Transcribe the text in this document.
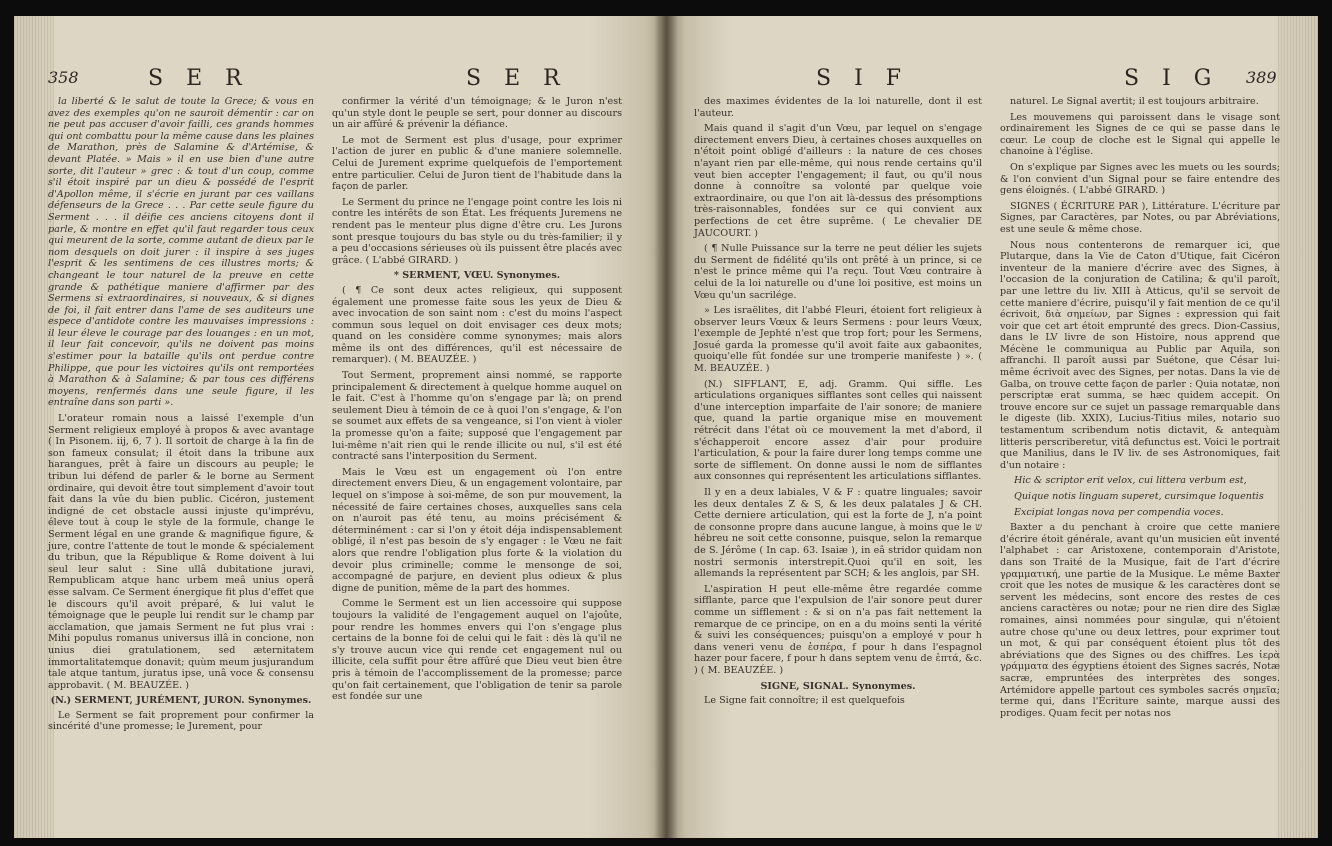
358	S E R	S E R

la liberté & le salut de toute la Grece; & vous en avez des exemples qu'on ne sauroit démentir : car on ne peut pas accuser d'avoir failli, ces grands hommes qui ont combattu pour la même cause dans les plaines de Marathon, près de Salamine & d'Artémise, & devant Platée. » Mais » il en use bien d'une autre sorte, dit l'auteur » grec : & tout d'un coup, comme s'il étoit inspiré par un dieu & possédé de l'esprit d'Apollon même, il s'écrie en jurant par ces vaillans défenseurs de la Grece . . . Par cette seule figure du Serment . . . il déifie ces anciens citoyens dont il parle, & montre en effet qu'il faut regarder tous ceux qui meurent de la sorte, comme autant de dieux par le nom desquels on doit jurer : il inspire à ses juges l'esprit & les sentimens de ces illustres morts; & changeant le tour naturel de la preuve en cette grande & pathétique maniere d'affirmer par des Sermens si extraordinaires, si nouveaux, & si dignes de foi, il fait entrer dans l'ame de ses auditeurs une espece d'antidote contre les mauvaises impressions : il leur éleve le courage par des louanges : en un mot, il leur fait concevoir, qu'ils ne doivent pas moins s'estimer pour la bataille qu'ils ont perdue contre Philippe, que pour les victoires qu'ils ont remportées à Marathon & à Salamine; & par tous ces différens moyens, renfermés dans une seule figure, il les entraîne dans son parti ».

L'orateur romain nous a laissé l'exemple d'un Serment religieux employé à propos & avec avantage ( In Pisonem. iij, 6, 7 ). Il sortoit de charge à la fin de son fameux consulat; il étoit dans la tribune aux harangues, prêt à faire un discours au peuple; le tribun lui défend de parler & le borne au Serment ordinaire, qui devoit être tout simplement d'avoir tout fait dans la vûe du bien public. Cicéron, justement indigné de cet obstacle aussi injuste qu'imprévu, éleve tout à coup le style de la formule, change le Serment légal en une grande & magnifique figure, & jure, contre l'attente de tout le monde & spécialement du tribun, que la République & Rome doivent à lui seul leur salut : Sine ullâ dubitatione juravi, Rempublicam atque hanc urbem meâ unius operâ esse salvam. Ce Serment énergique fit plus d'effet que le discours qu'il avoit préparé, & lui valut le témoignage que le peuple lui rendit sur le champ par acclamation, que jamais Serment ne fut plus vrai : Mihi populus romanus universus illâ in concione, non unius diei gratulationem, sed æternitatem immortalitatemque donavit; quùm meum jusjurandum tale atque tantum, juratus ipse, unâ voce & consensu approbavit. ( M. BEAUZÉE. )

(N.) SERMENT, JURÉMENT, JURON. Synonymes.

Le Serment se fait proprement pour confirmer la sincérité d'une promesse; le Jurement, pour

confirmer la vérité d'un témoignage; & le Juron n'est qu'un style dont le peuple se sert, pour donner au discours un air affûré & prévenir la défiance.

Le mot de Serment est plus d'usage, pour exprimer l'action de jurer en public & d'une maniere solemnelle. Celui de Jurement exprime quelquefois de l'emportement entre particulier. Celui de Juron tient de l'habitude dans la façon de parler.

Le Serment du prince ne l'engage point contre les lois ni contre les intérêts de son État. Les fréquents Juremens ne rendent pas le menteur plus digne d'être cru. Les Jurons sont presque toujours du bas style ou du très-familier; il y a peu d'occasions sérieuses où ils puissent être placés avec grâce. ( L'abbé GIRARD. )

* SERMENT, VŒU. Synonymes.

( ¶ Ce sont deux actes religieux, qui supposent également une promesse faite sous les yeux de Dieu & avec invocation de son saint nom : c'est du moins l'aspect commun sous lequel on doit envisager ces deux mots; quand on les considère comme synonymes; mais alors même ils ont des différences, qu'il est nécessaire de remarquer). ( M. BEAUZÉE. )

Tout Serment, proprement ainsi nommé, se rapporte principalement & directement à quelque homme auquel on le fait. C'est à l'homme qu'on s'engage par là; on prend seulement Dieu à témoin de ce à quoi l'on s'engage, & l'on se soumet aux effets de sa vengeance, si l'on vient à violer la promesse qu'on a faite; supposé que l'engagement par lui-même n'ait rien qui le rende illicite ou nul, s'il est été contracté sans l'interposition du Serment.

Mais le Vœu est un engagement où l'on entre directement envers Dieu, & un engagement volontaire, par lequel on s'impose à soi-même, de son pur mouvement, la nécessité de faire certaines choses, auxquelles sans cela on n'auroit pas été tenu, au moins précisément & déterminément : car si l'on y étoit déja indispensablement obligé, il n'est pas besoin de s'y engager : le Vœu ne fait alors que rendre l'obligation plus forte & la violation du devoir plus criminelle; comme le mensonge de soi, accompagné de parjure, en devient plus odieux & plus digne de punition, même de la part des hommes.

Comme le Serment est un lien accessoire qui suppose toujours la validité de l'engagement auquel on l'ajoûte, pour rendre les hommes envers qui l'on s'engage plus certains de la bonne foi de celui qui le fait : dès là qu'il ne s'y trouve aucun vice qui rende cet engagement nul ou illicite, cela suffit pour être affûré que Dieu veut bien être pris à témoin de l'accomplissement de la promesse; parce qu'on fait certainement, que l'obligation de tenir sa parole est fondée sur une

S I F	S I G 389

des maximes évidentes de la loi naturelle, dont il est l'auteur.

Mais quand il s'agit d'un Vœu, par lequel on s'engage directement envers Dieu, à certaines choses auxquelles on n'étoit point obligé d'ailleurs : la nature de ces choses n'ayant rien par elle-même, qui nous rende certains qu'il veut bien accepter l'engagement; il faut, ou qu'il nous donne à connoître sa volonté par quelque voie extraordinaire, ou que l'on ait là-dessus des présomptions très-raisonnables, fondées sur ce qui convient aux perfections de cet être suprême. ( Le chevalier DE JAUCOURT. )

( ¶ Nulle Puissance sur la terre ne peut délier les sujets du Serment de fidélité qu'ils ont prêté à un prince, si ce n'est le prince même qui l'a reçu. Tout Vœu contraire à celui de la loi naturelle ou d'une loi positive, est moins un Vœu qu'un sacrilége.

» Les israëlites, dit l'abbé Fleuri, étoient fort religieux à observer leurs Vœux & leurs Sermens : pour leurs Vœux, l'exemple de Jephté n'est que trop fort; pour les Sermens, Josué garda la promesse qu'il avoit faite aux gabaonites, quoiqu'elle fût fondée sur une tromperie manifeste ) ». ( M. BEAUZÉE. )

(N.) SIFFLANT, E, adj. Gramm. Qui siffle. Les articulations organiques sifflantes sont celles qui naissent d'une interception imparfaite de l'air sonore; de maniere que, quand la partie organique mise en mouvement rétrécit dans l'état où ce mouvement la met d'abord, il s'échapperoit encore assez d'air pour produire l'articulation, & pour la faire durer long temps comme une sorte de sifflement. On donne aussi le nom de sifflantes aux consonnes qui représentent les articulations sifflantes.

Il y en a deux labiales, V & F : quatre linguales; savoir les deux dentales Z & S, & les deux palatales J & CH. Cette derniere articulation, qui est la forte de J, n'a point de consonne propre dans aucune langue, à moins que le ש hébreu ne soit cette consonne, puisque, selon la remarque de S. Jérôme ( In cap. 63. Isaiæ ), in eâ stridor quidam non nostri sermonis interstrepit.Quoi qu'il en soit, les allemands la représentent par SCH; & les anglois, par SH.

L'aspiration H peut elle-même être regardée comme sifflante, parce que l'expulsion de l'air sonore peut durer comme un sifflement : & si on n'a pas fait nettement la remarque de ce principe, on en a du moins senti la vérité & suivi les conséquences; puisqu'on a employé v pour h dans veneri venu de ἑσπέρα, f pour h dans l'espagnol hazer pour facere, f pour h dans septem venu de ἑπτά, &c. ) ( M. BEAUZÉE. )

SIGNE, SIGNAL. Synonymes.

Le Signe fait connoître; il est quelquefois

naturel. Le Signal avertit; il est toujours arbitraire.

Les mouvemens qui paroissent dans le visage sont ordinairement les Signes de ce qui se passe dans le cœur. Le coup de cloche est le Signal qui appelle le chanoine à l'église.

On s'explique par Signes avec les muets ou les sourds; & l'on convient d'un Signal pour se faire entendre des gens éloignés. ( L'abbé GIRARD. )

SIGNES ( ÉCRITURE PAR ), Littérature. L'écriture par Signes, par Caractères, par Notes, ou par Abréviations, est une seule & même chose.

Nous nous contenterons de remarquer ici, que Plutarque, dans la Vie de Caton d'Utique, fait Cicéron inventeur de la maniere d'écrire avec des Signes, à l'occasion de la conjuration de Catilina; & qu'il paroît, par une lettre du liv. XIII à Atticus, qu'il se servoit de cette maniere d'écrire, puisqu'il y fait mention de ce qu'il écrivoit, διὰ σημείων, par Signes : expression qui fait voir que cet art étoit emprunté des grecs. Dion-Cassius, dans le LV livre de son Histoire, nous apprend que Mécène le communiqua au Public par Aquila, son affranchi. Il paroît aussi par Suétone, que César lui-même écrivoit avec des Signes, per notas. Dans la vie de Galba, on trouve cette façon de parler : Quia notatæ, non perscriptæ erat summa, se hæc quidem accepit. On trouve encore sur ce sujet un passage remarquable dans le digeste (lib. XXIX), Lucius-Titius miles, notario suo testamentum scribendum notis dictavit, & antequàm litteris perscriberetur, vitâ defunctus est. Voici le portrait que Manilius, dans le IV liv. de ses Astronomiques, fait d'un notaire :

Hic & scriptor erit velox, cui littera verbum est,

Quique notis linguam superet, cursimque loquentis

Excipiat longas nova per compendia voces.

Baxter a du penchant à croire que cette maniere d'écrire étoit générale, avant qu'un musicien eût inventé l'alphabet : car Aristoxene, contemporain d'Aristote, dans son Traité de la Musique, fait de l'art d'écrire γραμματική, une partie de la Musique. Le même Baxter croit que les notes de musique & les caractères dont se servent les médecins, sont encore des restes de ces anciens caractères ou notæ; pour ne rien dire des Siglæ romaines, ainsi nommées pour singulæ, qui n'étoient autre chose qu'une ou deux lettres, pour exprimer tout un mot, & qui par conséquent étoient plus tôt des abréviations que des Signes ou des chiffres. Les ἱερὰ γράμματα des égyptiens étoient des Signes sacrés, Notæ sacræ, empruntées des interprètes des songes. Artémidore appelle partout ces symboles sacrés σημεῖα; terme qui, dans l'Écriture sainte, marque aussi des prodiges. Quam fecit per notas nos
